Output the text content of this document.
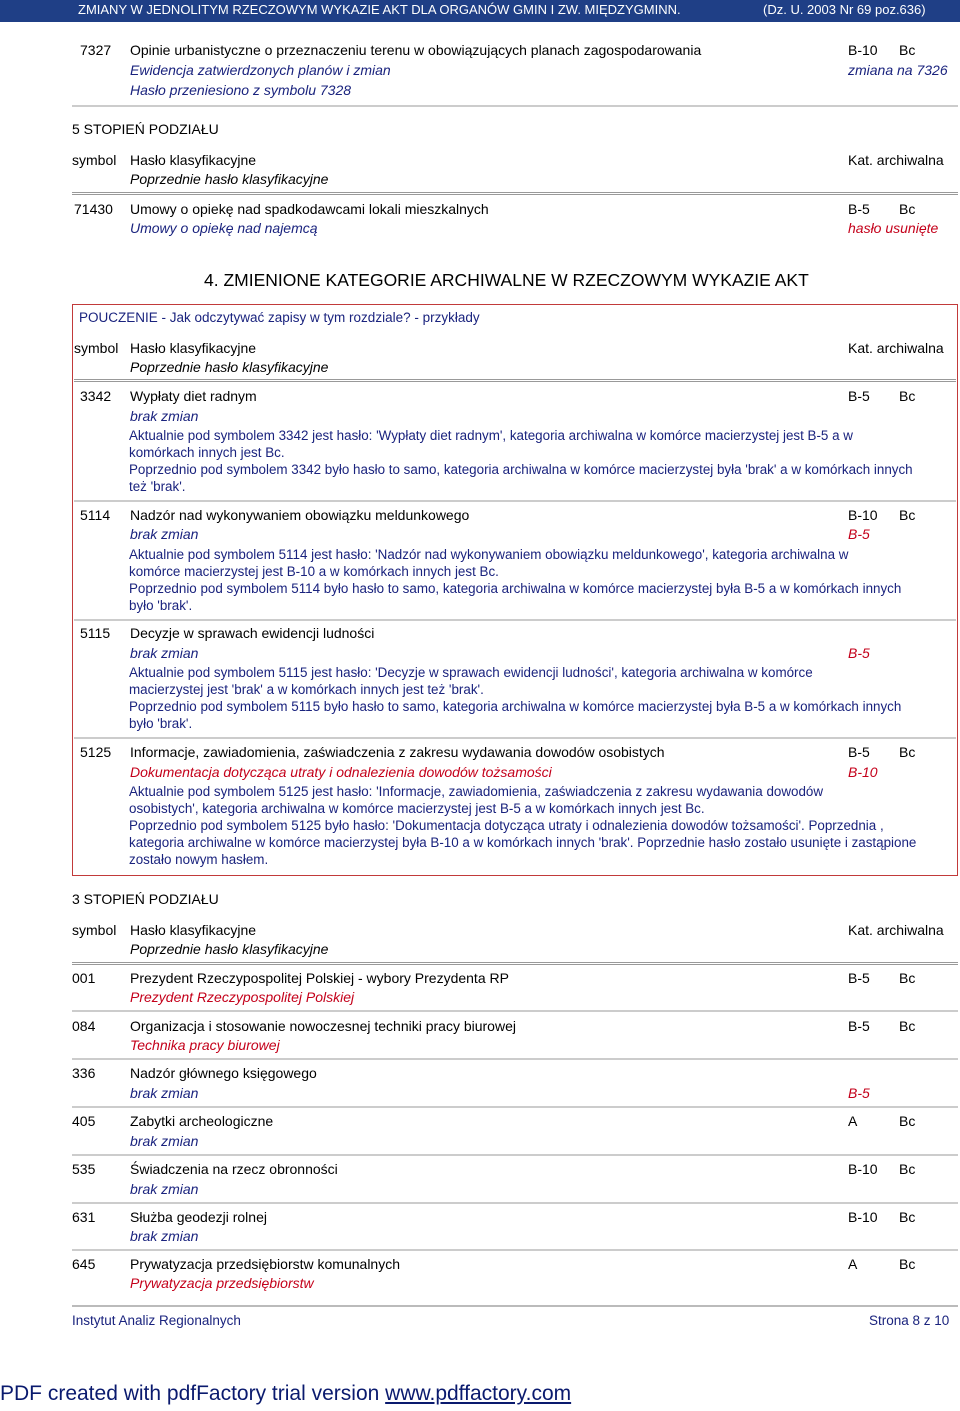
ZMIANY W JEDNOLITYM RZECZOWYM WYKAZIE AKT DLA ORGANÓW GMIN I ZW. MIĘDZYGMINN.	(Dz. U. 2003 Nr 69 poz.636)
7327 Opinie urbanistyczne o przeznaczeniu terenu w obowiązujących planach zagospodarowania	B-10 Bc
Ewidencja zatwierdzonych planów i zmian	zmiana na 7326
Hasło przeniesiono z symbolu 7328
5 STOPIEŃ PODZIAŁU
symbol Hasło klasyfikacyjne
Poprzednie hasło klasyfikacyjne
Kat. archiwalna
71430 Umowy o opiekę nad spadkodawcami lokali mieszkalnych	B-5 Bc
Umowy o opiekę nad najemcą	hasło usunięte
4. ZMIENIONE KATEGORIE ARCHIWALNE W RZECZOWYM WYKAZIE AKT
POUCZENIE - Jak odczytywać zapisy w tym rozdziale? - przykłady
symbol Hasło klasyfikacyjne
Poprzednie hasło klasyfikacyjne
Kat. archiwalna
3342 Wypłaty diet radnym	B-5 Bc
brak zmian
Aktualnie pod symbolem 3342 jest hasło: 'Wypłaty diet radnym', kategoria archiwalna w komórce macierzystej jest B-5 a w komórkach innych jest Bc.
Poprzednio pod symbolem 3342 było hasło to samo, kategoria archiwalna w komórce macierzystej była 'brak' a w komórkach innych też 'brak'.
5114 Nadzór nad wykonywaniem obowiązku meldunkowego	B-10 Bc
brak zmian	B-5
Aktualnie pod symbolem 5114 jest hasło: 'Nadzór nad wykonywaniem obowiązku meldunkowego', kategoria archiwalna w komórce macierzystej jest B-10 a w komórkach innych jest Bc.
Poprzednio pod symbolem 5114 było hasło to samo, kategoria archiwalna w komórce macierzystej była B-5 a w komórkach innych było 'brak'.
5115 Decyzje w sprawach ewidencji ludności
brak zmian	B-5
Aktualnie pod symbolem 5115 jest hasło: 'Decyzje w sprawach ewidencji ludności', kategoria archiwalna w komórce macierzystej jest 'brak' a w komórkach innych jest też 'brak'.
Poprzednio pod symbolem 5115 było hasło to samo, kategoria archiwalna w komórce macierzystej była B-5 a w komórkach innych było 'brak'.
5125 Informacje, zawiadomienia, zaświadczenia z zakresu wydawania dowodów osobistych	B-5 Bc
Dokumentacja dotycząca utraty i odnalezienia dowodów tożsamości	B-10
Aktualnie pod symbolem 5125 jest hasło: 'Informacje, zawiadomienia, zaświadczenia z zakresu wydawania dowodów osobistych', kategoria archiwalna w komórce macierzystej jest B-5 a w komórkach innych jest Bc.
Poprzednio pod symbolem 5125 było hasło: 'Dokumentacja dotycząca utraty i odnalezienia dowodów tożsamości'. Poprzednia , kategoria archiwalne w komórce macierzystej była B-10 a w komórkach innych 'brak'. Poprzednie hasło zostało usunięte i zastąpione zostało nowym hasłem.
3 STOPIEŃ PODZIAŁU
symbol Hasło klasyfikacyjne
Poprzednie hasło klasyfikacyjne
Kat. archiwalna
001 Prezydent Rzeczypospolitej Polskiej - wybory Prezydenta RP	B-5 Bc
Prezydent Rzeczypospolitej Polskiej
084 Organizacja i stosowanie nowoczesnej techniki pracy biurowej	B-5 Bc
Technika pracy biurowej
336 Nadzór głównego księgowego
brak zmian	B-5
405 Zabytki archeologiczne	A	Bc
brak zmian
535 Świadczenia na rzecz obronności	B-10 Bc
brak zmian
631 Służba geodezji rolnej	B-10 Bc
brak zmian
645 Prywatyzacja przedsiębiorstw komunalnych	A	Bc
Prywatyzacja przedsiębiorstw
Instytut Analiz Regionalnych	Strona 8 z 10
PDF created with pdfFactory trial version www.pdffactory.com
